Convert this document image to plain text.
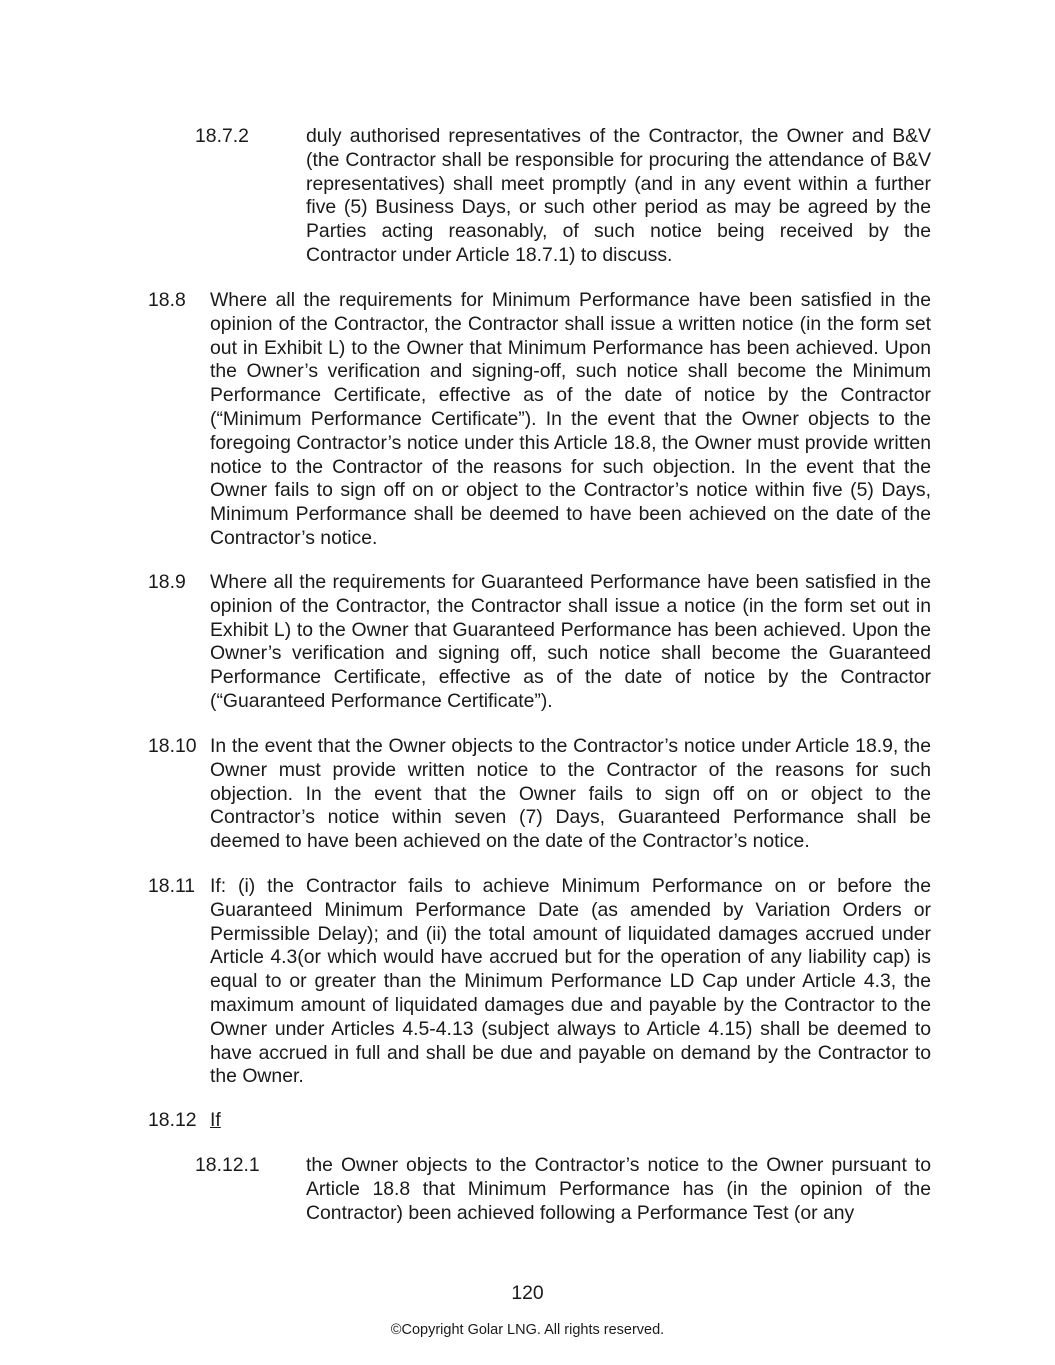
18.7.2	duly authorised representatives of the Contractor, the Owner and B&V (the Contractor shall be responsible for procuring the attendance of B&V representatives) shall meet promptly (and in any event within a further five (5) Business Days, or such other period as may be agreed by the Parties acting reasonably, of such notice being received by the Contractor under Article 18.7.1) to discuss.
18.8 Where all the requirements for Minimum Performance have been satisfied in the opinion of the Contractor, the Contractor shall issue a written notice (in the form set out in Exhibit L) to the Owner that Minimum Performance has been achieved. Upon the Owner’s verification and signing-off, such notice shall become the Minimum Performance Certificate, effective as of the date of notice by the Contractor (“Minimum Performance Certificate”). In the event that the Owner objects to the foregoing Contractor’s notice under this Article 18.8, the Owner must provide written notice to the Contractor of the reasons for such objection. In the event that the Owner fails to sign off on or object to the Contractor’s notice within five (5) Days, Minimum Performance shall be deemed to have been achieved on the date of the Contractor’s notice.
18.9 Where all the requirements for Guaranteed Performance have been satisfied in the opinion of the Contractor, the Contractor shall issue a notice (in the form set out in Exhibit L) to the Owner that Guaranteed Performance has been achieved. Upon the Owner’s verification and signing off, such notice shall become the Guaranteed Performance Certificate, effective as of the date of notice by the Contractor (“Guaranteed Performance Certificate”).
18.10 In the event that the Owner objects to the Contractor’s notice under Article 18.9, the Owner must provide written notice to the Contractor of the reasons for such objection. In the event that the Owner fails to sign off on or object to the Contractor’s notice within seven (7) Days, Guaranteed Performance shall be deemed to have been achieved on the date of the Contractor’s notice.
18.11 If: (i) the Contractor fails to achieve Minimum Performance on or before the Guaranteed Minimum Performance Date (as amended by Variation Orders or Permissible Delay); and (ii) the total amount of liquidated damages accrued under Article 4.3(or which would have accrued but for the operation of any liability cap) is equal to or greater than the Minimum Performance LD Cap under Article 4.3, the maximum amount of liquidated damages due and payable by the Contractor to the Owner under Articles 4.5-4.13 (subject always to Article 4.15) shall be deemed to have accrued in full and shall be due and payable on demand by the Contractor to the Owner.
18.12 If
18.12.1 the Owner objects to the Contractor’s notice to the Owner pursuant to Article 18.8 that Minimum Performance has (in the opinion of the Contractor) been achieved following a Performance Test (or any
120
©Copyright Golar LNG. All rights reserved.
